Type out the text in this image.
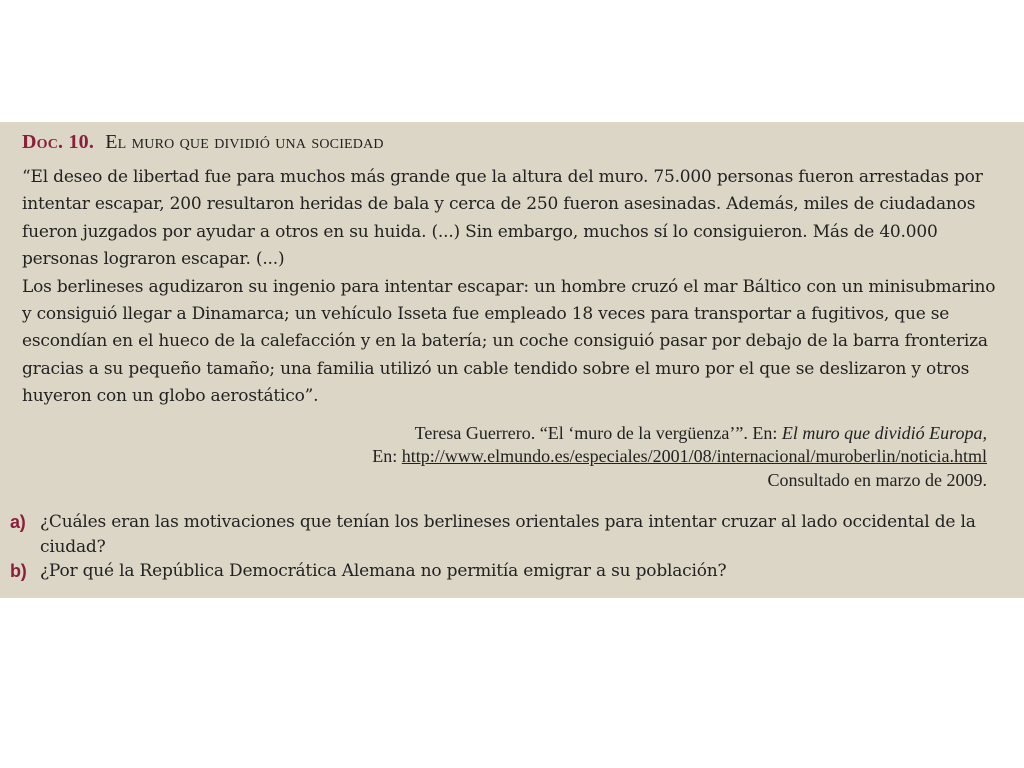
Doc. 10. El muro que dividió una sociedad

“El deseo de libertad fue para muchos más grande que la altura del muro. 75.000 personas fueron arrestadas por intentar escapar, 200 resultaron heridas de bala y cerca de 250 fueron asesinadas. Además, miles de ciudadanos fueron juzgados por ayudar a otros en su huida. (...) Sin embargo, muchos sí lo consiguieron. Más de 40.000 personas lograron escapar. (...)

Los berlineses agudizaron su ingenio para intentar escapar: un hombre cruzó el mar Báltico con un minisubmarino y consiguió llegar a Dinamarca; un vehículo Isseta fue empleado 18 veces para transportar a fugitivos, que se escondían en el hueco de la calefacción y en la batería; un coche consiguió pasar por debajo de la barra fronteriza gracias a su pequeño tamaño; una familia utilizó un cable tendido sobre el muro por el que se deslizaron y otros huyeron con un globo aerostático”.

Teresa Guerrero. “El ‘muro de la vergüenza’”. En: El muro que dividió Europa,
En: http://www.elmundo.es/especiales/2001/08/internacional/muroberlin/noticia.html
Consultado en marzo de 2009.
a) ¿Cuáles eran las motivaciones que tenían los berlineses orientales para intentar cruzar al lado occidental de la ciudad?
b) ¿Por qué la República Democrática Alemana no permitía emigrar a su población?
